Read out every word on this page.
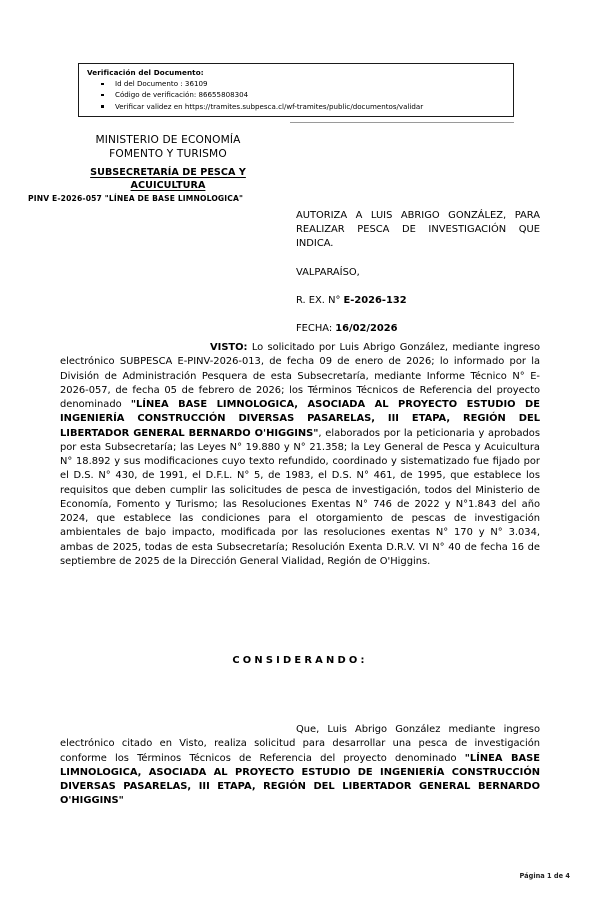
Verificación del Documento:
Id del Documento : 36109
Código de verificación: 86655808304
Verificar validez en https://tramites.subpesca.cl/wf-tramites/public/documentos/validar
MINISTERIO DE ECONOMÍA
FOMENTO Y TURISMO
SUBSECRETARÍA DE PESCA Y
ACUICULTURA
PINV E-2026-057 "LÍNEA DE BASE LIMNOLOGICA"
AUTORIZA A LUIS ABRIGO GONZÁLEZ, PARA REALIZAR PESCA DE INVESTIGACIÓN QUE INDICA.
VALPARAÍSO,
R. EX. N° E-2026-132
FECHA: 16/02/2026
VISTO: Lo solicitado por Luis Abrigo González, mediante ingreso electrónico SUBPESCA E-PINV-2026-013, de fecha 09 de enero de 2026; lo informado por la División de Administración Pesquera de esta Subsecretaría, mediante Informe Técnico N° E-2026-057, de fecha 05 de febrero de 2026; los Términos Técnicos de Referencia del proyecto denominado "LÍNEA BASE LIMNOLOGICA, ASOCIADA AL PROYECTO ESTUDIO DE INGENIERÍA CONSTRUCCIÓN DIVERSAS PASARELAS, III ETAPA, REGIÓN DEL LIBERTADOR GENERAL BERNARDO O'HIGGINS", elaborados por la peticionaria y aprobados por esta Subsecretaría; las Leyes N° 19.880 y N° 21.358; la Ley General de Pesca y Acuicultura N° 18.892 y sus modificaciones cuyo texto refundido, coordinado y sistematizado fue fijado por el D.S. N° 430, de 1991, el D.F.L. N° 5, de 1983, el D.S. N° 461, de 1995, que establece los requisitos que deben cumplir las solicitudes de pesca de investigación, todos del Ministerio de Economía, Fomento y Turismo; las Resoluciones Exentas N° 746 de 2022 y N°1.843 del año 2024, que establece las condiciones para el otorgamiento de pescas de investigación ambientales de bajo impacto, modificada por las resoluciones exentas N° 170 y N° 3.034, ambas de 2025, todas de esta Subsecretaría; Resolución Exenta D.R.V. VI N° 40 de fecha 16 de septiembre de 2025 de la Dirección General Vialidad, Región de O'Higgins.
CONSIDERANDO:
Que, Luis Abrigo González mediante ingreso electrónico citado en Visto, realiza solicitud para desarrollar una pesca de investigación conforme los Términos Técnicos de Referencia del proyecto denominado "LÍNEA BASE LIMNOLOGICA, ASOCIADA AL PROYECTO ESTUDIO DE INGENIERÍA CONSTRUCCIÓN DIVERSAS PASARELAS, III ETAPA, REGIÓN DEL LIBERTADOR GENERAL BERNARDO O'HIGGINS"
Página 1 de 4
